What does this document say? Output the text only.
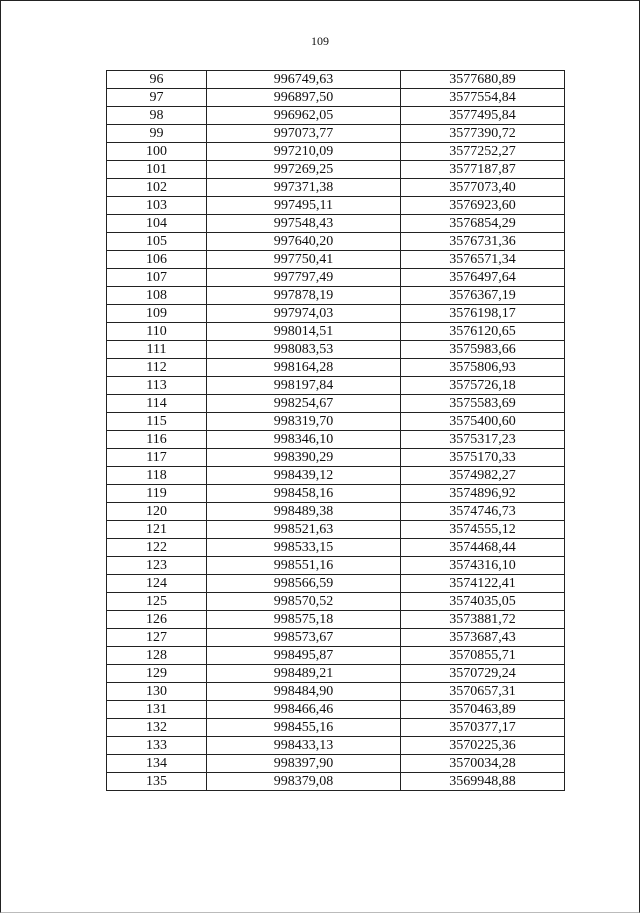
109
96	996749,63	3577680,89
97	996897,50	3577554,84
98	996962,05	3577495,84
99	997073,77	3577390,72
100	997210,09	3577252,27
101	997269,25	3577187,87
102	997371,38	3577073,40
103	997495,11	3576923,60
104	997548,43	3576854,29
105	997640,20	3576731,36
106	997750,41	3576571,34
107	997797,49	3576497,64
108	997878,19	3576367,19
109	997974,03	3576198,17
110	998014,51	3576120,65
111	998083,53	3575983,66
112	998164,28	3575806,93
113	998197,84	3575726,18
114	998254,67	3575583,69
115	998319,70	3575400,60
116	998346,10	3575317,23
117	998390,29	3575170,33
118	998439,12	3574982,27
119	998458,16	3574896,92
120	998489,38	3574746,73
121	998521,63	3574555,12
122	998533,15	3574468,44
123	998551,16	3574316,10
124	998566,59	3574122,41
125	998570,52	3574035,05
126	998575,18	3573881,72
127	998573,67	3573687,43
128	998495,87	3570855,71
129	998489,21	3570729,24
130	998484,90	3570657,31
131	998466,46	3570463,89
132	998455,16	3570377,17
133	998433,13	3570225,36
134	998397,90	3570034,28
135	998379,08	3569948,88
